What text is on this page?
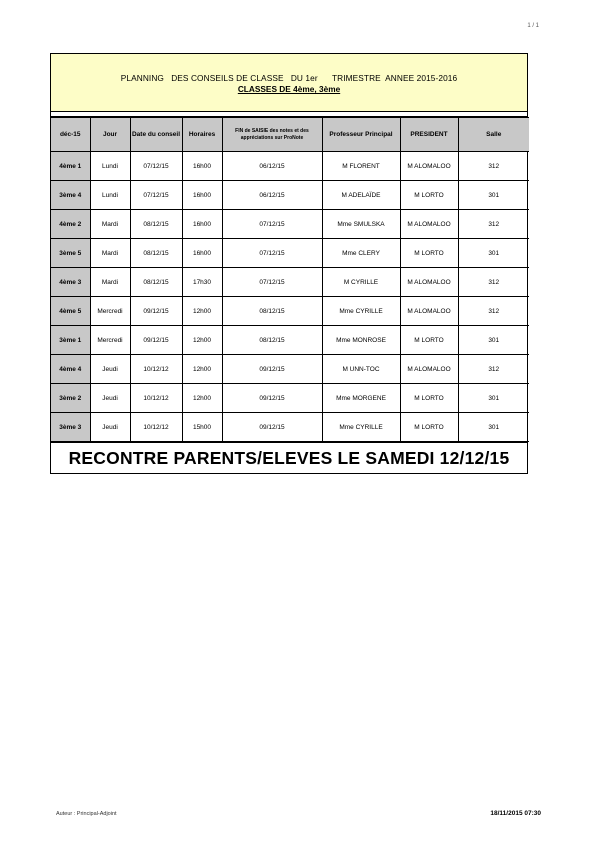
1 / 1
PLANNING   DES CONSEILS DE CLASSE   DU 1er      TRIMESTRE  ANNEE 2015-2016
CLASSES DE 4ème, 3ème
déc-15	Jour	Date du conseil	Horaires	FIN de SAISIE des notes et des appréciations sur ProNote	Professeur Principal	PRESIDENT	Salle
4ème 1	Lundi	07/12/15	16h00	06/12/15	M FLORENT	M ALOMALOO	312
3ème 4	Lundi	07/12/15	16h00	06/12/15	M ADELAÏDE	M LORTO	301
4ème 2	Mardi	08/12/15	16h00	07/12/15	Mme SMULSKA	M ALOMALOO	312
3ème 5	Mardi	08/12/15	16h00	07/12/15	Mme CLERY	M LORTO	301
4ème 3	Mardi	08/12/15	17h30	07/12/15	M CYRILLE	M ALOMALOO	312
4ème 5	Mercredi	09/12/15	12h00	08/12/15	Mme CYRILLE	M ALOMALOO	312
3ème 1	Mercredi	09/12/15	12h00	08/12/15	Mme MONROSE	M LORTO	301
4ème 4	Jeudi	10/12/12	12h00	09/12/15	M UNN-TOC	M ALOMALOO	312
3ème 2	Jeudi	10/12/12	12h00	09/12/15	Mme MORGENE	M LORTO	301
3ème 3	Jeudi	10/12/12	15h00	09/12/15	Mme CYRILLE	M LORTO	301
RECONTRE PARENTS/ELEVES LE SAMEDI 12/12/15
Auteur : Principal-Adjoint	18/11/2015 07:30
